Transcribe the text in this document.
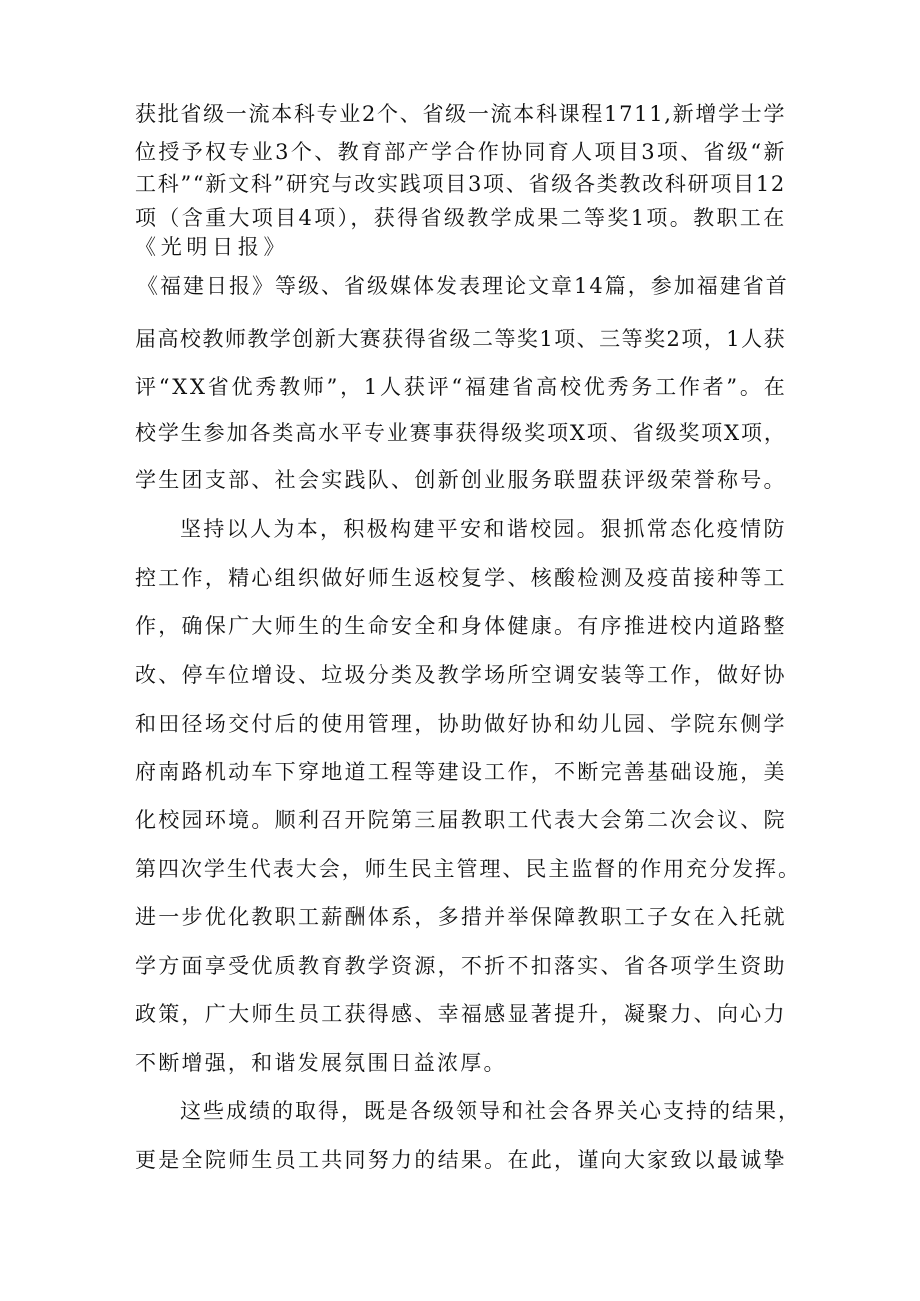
获批省级一流本科专业2个、省级一流本科课程1711,新增学士学

位授予权专业3个、教育部产学合作协同育人项目3项、省级“新

工科”“新文科”研究与改实践项目3项、省级各类教改科研项目12

项（含重大项目4项），获得省级教学成果二等奖1项。教职工在

《光明日报》

《福建日报》等级、省级媒体发表理论文章14篇，参加福建省首

届高校教师教学创新大赛获得省级二等奖1项、三等奖2项，1人获

评“XX省优秀教师”，1人获评“福建省高校优秀务工作者”。在

校学生参加各类高水平专业赛事获得级奖项X项、省级奖项X项，

学生团支部、社会实践队、创新创业服务联盟获评级荣誉称号。

坚持以人为本，积极构建平安和谐校园。狠抓常态化疫情防

控工作，精心组织做好师生返校复学、核酸检测及疫苗接种等工

作，确保广大师生的生命安全和身体健康。有序推进校内道路整

改、停车位增设、垃圾分类及教学场所空调安装等工作，做好协

和田径场交付后的使用管理，协助做好协和幼儿园、学院东侧学

府南路机动车下穿地道工程等建设工作，不断完善基础设施，美

化校园环境。顺利召开院第三届教职工代表大会第二次会议、院

第四次学生代表大会，师生民主管理、民主监督的作用充分发挥。

进一步优化教职工薪酬体系，多措并举保障教职工子女在入托就

学方面享受优质教育教学资源，不折不扣落实、省各项学生资助

政策，广大师生员工获得感、幸福感显著提升，凝聚力、向心力

不断增强，和谐发展氛围日益浓厚。

这些成绩的取得，既是各级领导和社会各界关心支持的结果，

更是全院师生员工共同努力的结果。在此，谨向大家致以最诚挚
